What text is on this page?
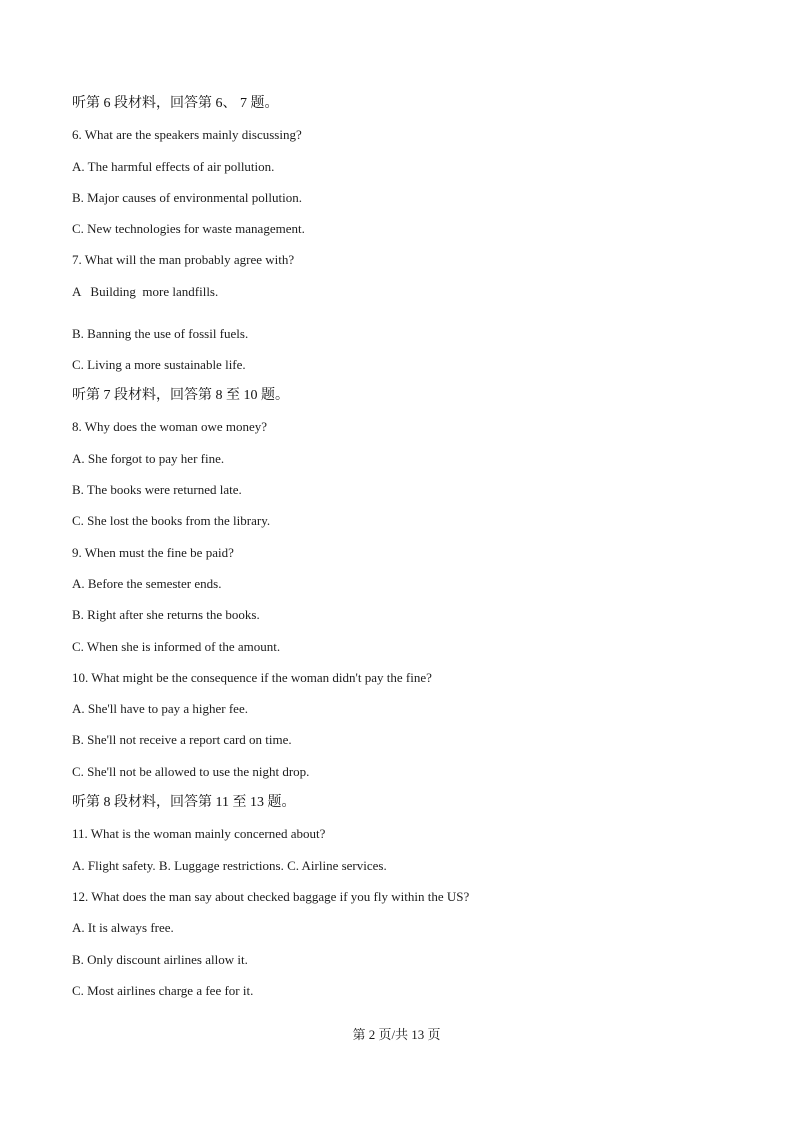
听第 6 段材料，回答第 6、 7 题。
6. What are the speakers mainly discussing?
A. The harmful effects of air pollution.
B. Major causes of environmental pollution.
C. New technologies for waste management.
7. What will the man probably agree with?
A   Building  more landfills.
B. Banning the use of fossil fuels.
C. Living a more sustainable life.
听第 7 段材料，回答第 8 至 10 题。
8. Why does the woman owe money?
A. She forgot to pay her fine.
B. The books were returned late.
C. She lost the books from the library.
9. When must the fine be paid?
A. Before the semester ends.
B. Right after she returns the books.
C. When she is informed of the amount.
10. What might be the consequence if the woman didn't pay the fine?
A. She'll have to pay a higher fee.
B. She'll not receive a report card on time.
C. She'll not be allowed to use the night drop.
听第 8 段材料，回答第 11 至 13 题。
11. What is the woman mainly concerned about?
A. Flight safety. B. Luggage restrictions. C. Airline services.
12. What does the man say about checked baggage if you fly within the US?
A. It is always free.
B. Only discount airlines allow it.
C. Most airlines charge a fee for it.
第 2 页/共 13 页
